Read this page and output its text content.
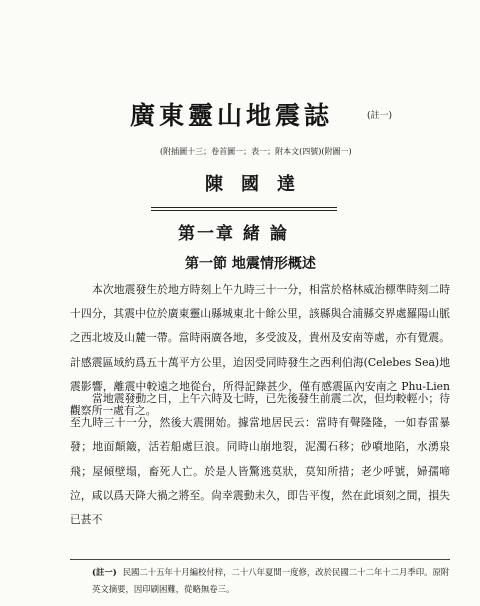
廣東靈山地震誌	(註一)
(附插圖十三；卷首圖一；表一；附本文(四號)(附圖一)
陳國達
第一章 緒 論
第一節 地震情形概述
本次地震發生於地方時刻上午九時三十一分，相當於格林威治標準時刻二時十四分，其震中位於廣東靈山縣城東北十餘公里，該縣與合浦縣交界處羅陽山脈之西北坡及山麓一帶。當時兩廣各地，多受波及，貴州及安南等處，亦有覺震。計感震區域約爲五十萬平方公里，迨因受同時發生之西利伯海(Celebes Sea)地震影響，離震中較遠之地從台，所得記錄甚少，僅有感震區內安南之 Phu-Lien 觀察所一處有之。
當地震發動之日，上午六時及七時，已先後發生前震二次，但均較輕小；待至九時三十一分，然後大震開始。據當地居民云：當時有聲隆隆，一如春雷暴發；地面顛簸，活若船處巨浪。同時山崩地裂，泥濁石移；砂噴地陷，水湧泉飛；屋傾壁塌，畜死人亡。於是人皆驚逃莫狀，莫知所措；老少呼號，婦孺啼泣，咸以爲天降大禍之將至。尙幸震動未久，即告平復，然在此頃刻之間，損失已甚不
(註一) 民國二十五年十月編校付梓，二十八年夏間一度修，改於民國二十二年十二月季印。原附英文摘要，因印刷困難，從略無卷三。
